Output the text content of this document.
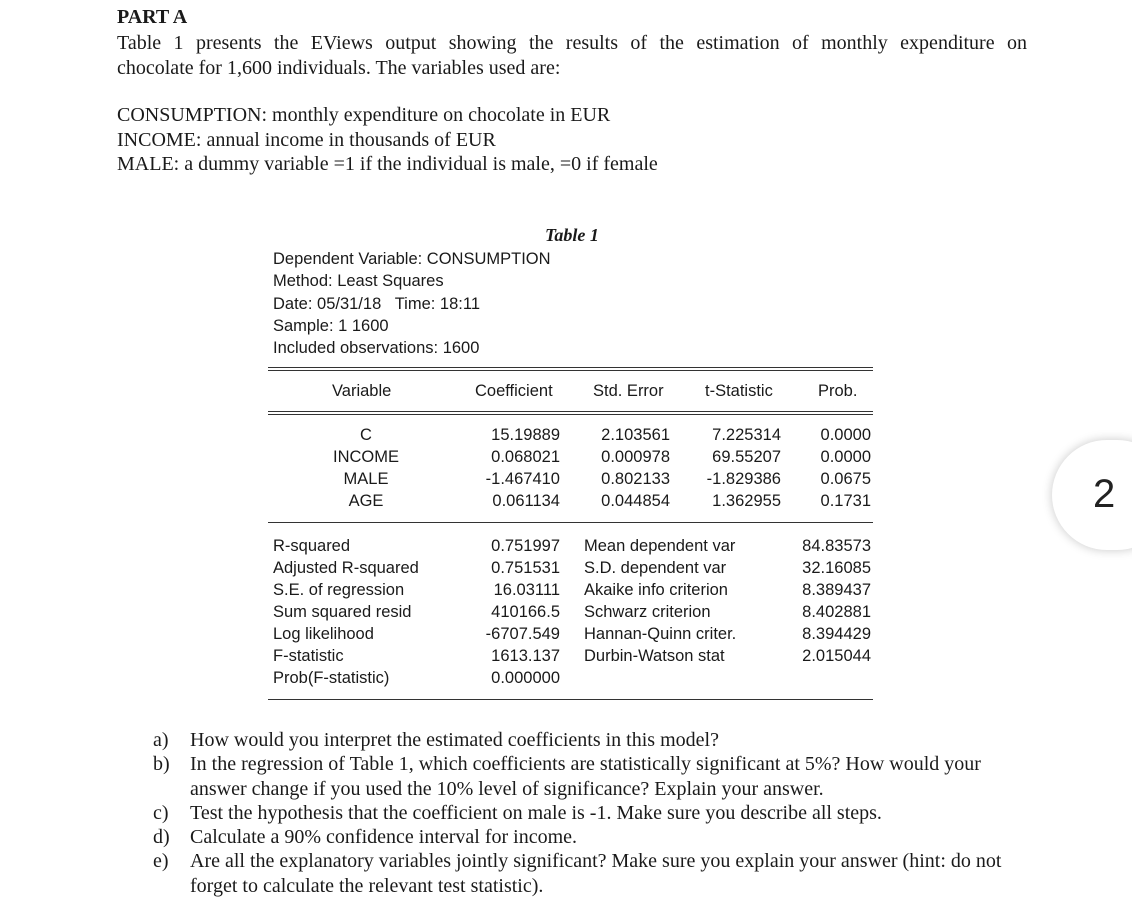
PART A
Table 1 presents the EViews output showing the results of the estimation of monthly expenditure on
chocolate for 1,600 individuals. The variables used are:
CONSUMPTION: monthly expenditure on chocolate in EUR
INCOME: annual income in thousands of EUR
MALE: a dummy variable =1 if the individual is male, =0 if female
Table 1
Dependent Variable: CONSUMPTION
Method: Least Squares
Date: 05/31/18   Time: 18:11
Sample: 1 1600
Included observations: 1600
Variable	Coefficient Std. Error	t-Statistic	Prob.
C	15.19889 2.103561	7.225314 0.0000
INCOME	0.068021 0.000978	69.55207 0.0000
MALE	-1.467410 0.802133 -1.829386 0.0675
AGE	0.061134 0.044854	1.362955 0.1731
R-squared	0.751997 Mean dependent var	84.83573
Adjusted R-squared	0.751531 S.D. dependent var	32.16085
S.E. of regression	16.03111 Akaike info criterion	8.389437
Sum squared resid	410166.5 Schwarz criterion	8.402881
Log likelihood	-6707.549 Hannan-Quinn criter.	8.394429
F-statistic	1613.137 Durbin-Watson stat	2.015044
Prob(F-statistic)	0.000000
a) How would you interpret the estimated coefficients in this model?
b) In the regression of Table 1, which coefficients are statistically significant at 5%? How would your answer change if you used the 10% level of significance? Explain your answer.
c) Test the hypothesis that the coefficient on male is -1. Make sure you describe all steps.
d) Calculate a 90% confidence interval for income.
e) Are all the explanatory variables jointly significant? Make sure you explain your answer (hint: do not forget to calculate the relevant test statistic).
2
